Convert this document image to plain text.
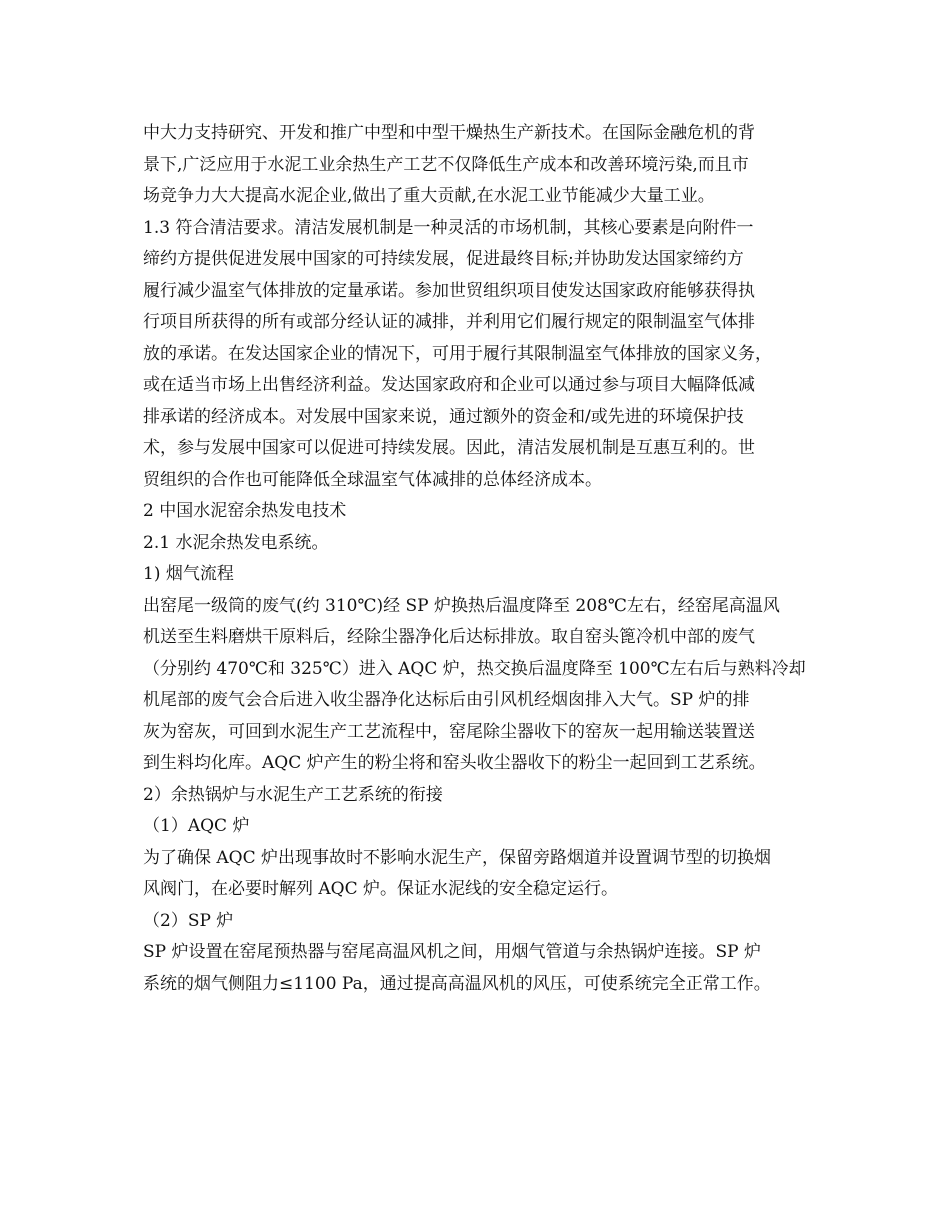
中大力支持研究、开发和推广中型和中型干燥热生产新技术。在国际金融危机的背
景下,广泛应用于水泥工业余热生产工艺不仅降低生产成本和改善环境污染,而且市
场竞争力大大提高水泥企业,做出了重大贡献,在水泥工业节能减少大量工业。
1.3 符合清洁要求。清洁发展机制是一种灵活的市场机制，其核心要素是向附件一
缔约方提供促进发展中国家的可持续发展，促进最终目标;并协助发达国家缔约方
履行减少温室气体排放的定量承诺。参加世贸组织项目使发达国家政府能够获得执
行项目所获得的所有或部分经认证的减排，并利用它们履行规定的限制温室气体排
放的承诺。在发达国家企业的情况下，可用于履行其限制温室气体排放的国家义务，
或在适当市场上出售经济利益。发达国家政府和企业可以通过参与项目大幅降低减
排承诺的经济成本。对发展中国家来说，通过额外的资金和/或先进的环境保护技
术，参与发展中国家可以促进可持续发展。因此，清洁发展机制是互惠互利的。世
贸组织的合作也可能降低全球温室气体减排的总体经济成本。
2 中国水泥窑余热发电技术
2.1 水泥余热发电系统。
1) 烟气流程
出窑尾一级筒的废气(约 310℃)经 SP 炉换热后温度降至 208℃左右，经窑尾高温风
机送至生料磨烘干原料后，经除尘器净化后达标排放。取自窑头篦冷机中部的废气
（分别约 470℃和 325℃）进入 AQC 炉，热交换后温度降至 100℃左右后与熟料冷却
机尾部的废气会合后进入收尘器净化达标后由引风机经烟囱排入大气。SP 炉的排
灰为窑灰，可回到水泥生产工艺流程中，窑尾除尘器收下的窑灰一起用输送装置送
到生料均化库。AQC 炉产生的粉尘将和窑头收尘器收下的粉尘一起回到工艺系统。
2）余热锅炉与水泥生产工艺系统的衔接
（1）AQC 炉
为了确保 AQC 炉出现事故时不影响水泥生产，保留旁路烟道并设置调节型的切换烟
风阀门，在必要时解列 AQC 炉。保证水泥线的安全稳定运行。
（2）SP 炉
SP 炉设置在窑尾预热器与窑尾高温风机之间，用烟气管道与余热锅炉连接。SP 炉
系统的烟气侧阻力≤1100 Pa，通过提高高温风机的风压，可使系统完全正常工作。
